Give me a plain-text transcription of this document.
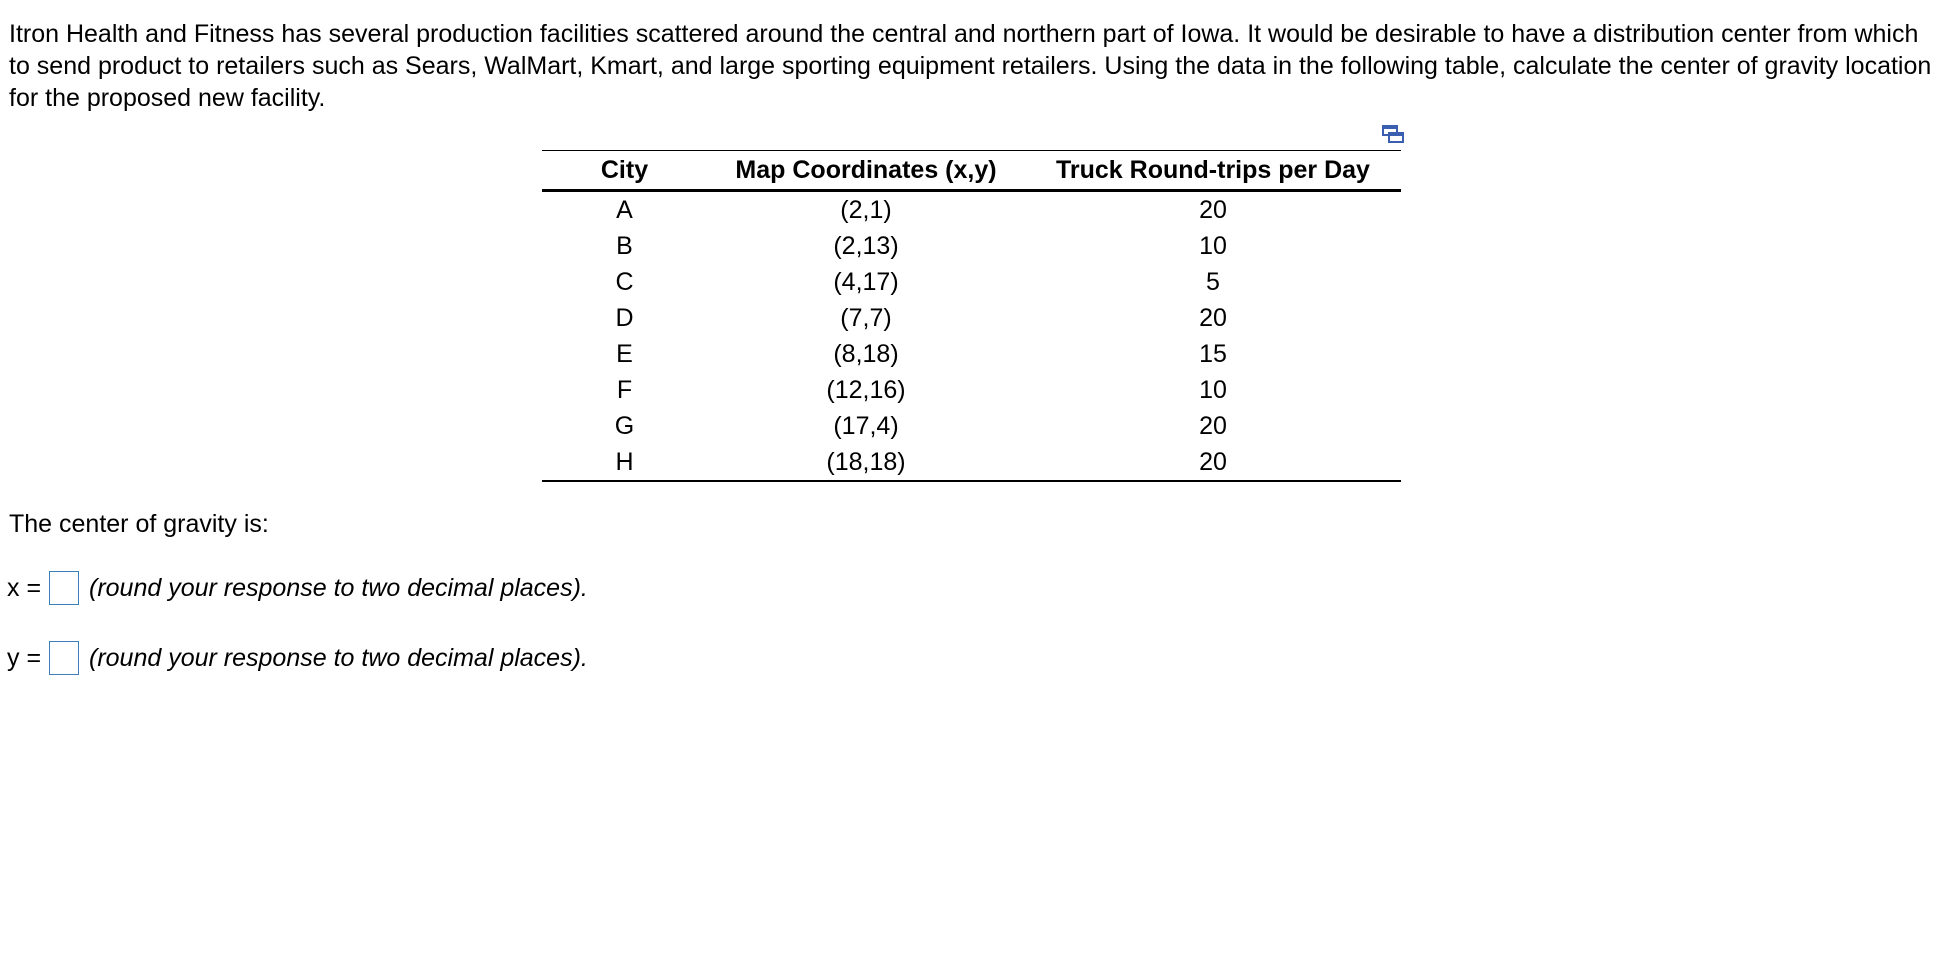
Itron Health and Fitness has several production facilities scattered around the central and northern part of Iowa. It would be desirable to have a distribution center from which to send product to retailers such as Sears, WalMart, Kmart, and large sporting equipment retailers. Using the data in the following table, calculate the center of gravity location for the proposed new facility.

City	Map Coordinates (x,y)	Truck Round-trips per Day
A	(2,1)	20
B	(2,13)	10
C	(4,17)	5
D	(7,7)	20
E	(8,18)	15
F	(12,16)	10
G	(17,4)	20
H	(18,18)	20

The center of gravity is:

x =	(round your response to two decimal places).
y =	(round your response to two decimal places).
